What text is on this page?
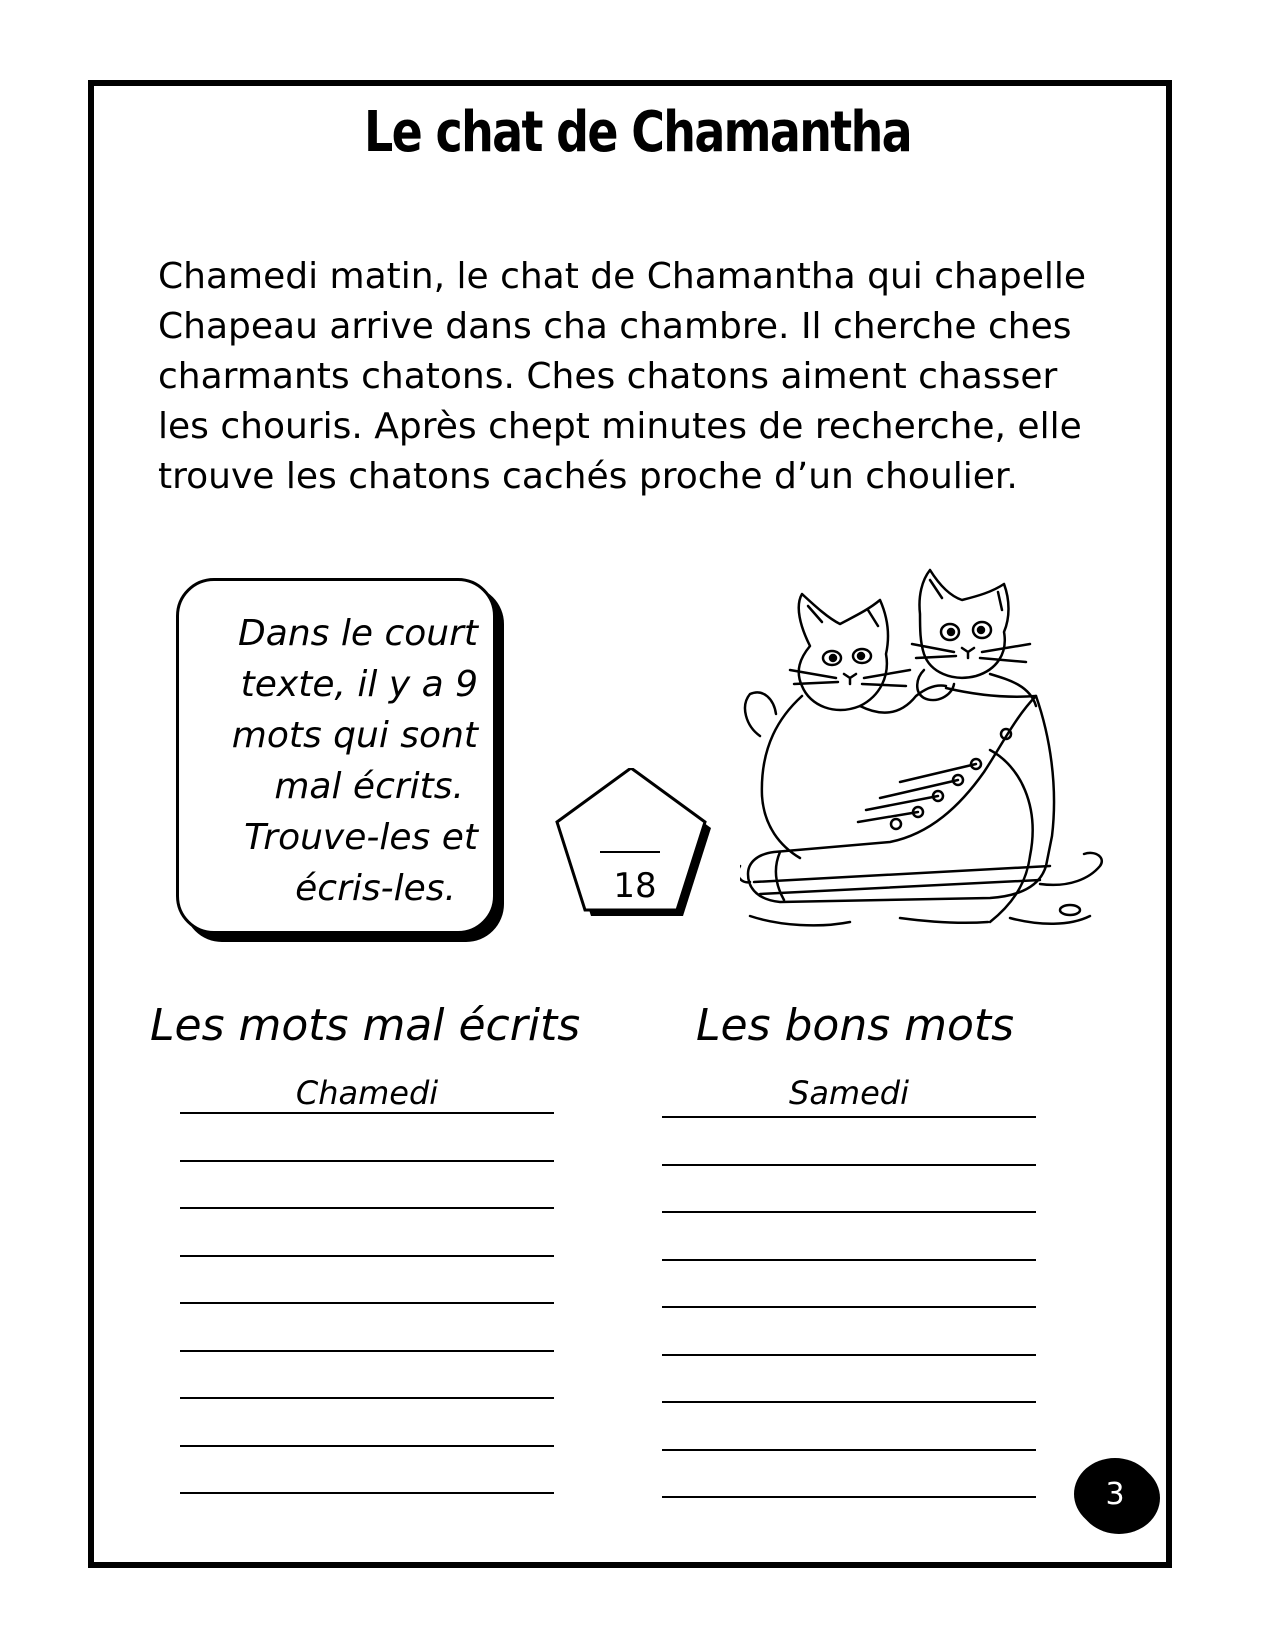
Le chat de Chamantha
Chamedi matin, le chat de Chamantha qui chapelle
Chapeau arrive dans cha chambre. Il cherche ches
charmants chatons. Ches chatons aiment chasser
les chouris. Après chept minutes de recherche, elle
trouve les chatons cachés proche d’un choulier.
Dans le court
texte, il y a 9
mots qui sont
mal écrits.
Trouve-les et
écris-les.	18
Les mots mal écrits	Les bons mots
Chamedi	Samedi
3
